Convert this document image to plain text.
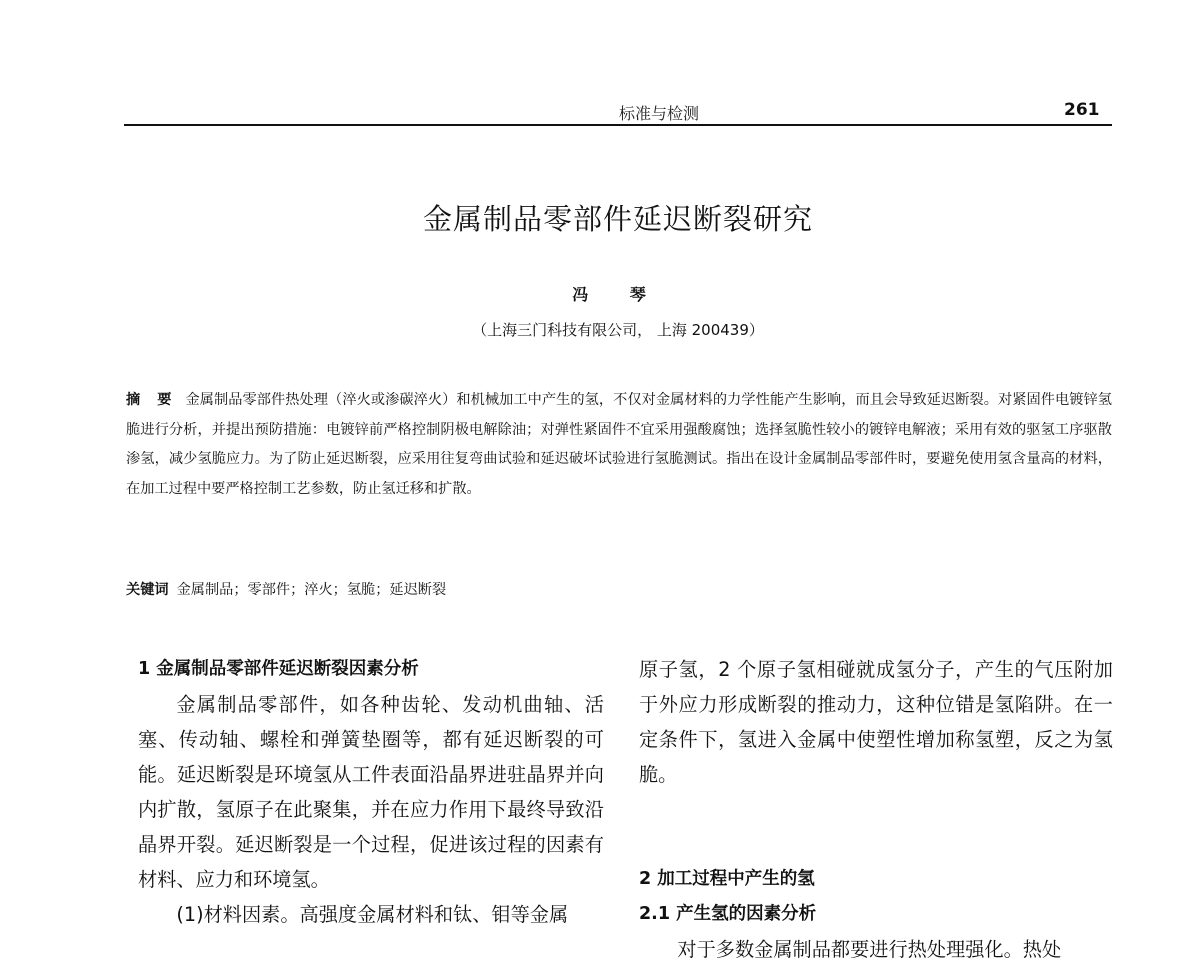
标准与检测	261
金属制品零部件延迟断裂研究
冯 琴
（上海三门科技有限公司， 上海 200439）
摘 要 金属制品零部件热处理（淬火或渗碳淬火）和机械加工中产生的氢，不仅对金属材料的力学性能产生影响，而且会导致延迟断裂。对紧固件电镀锌氢脆进行分析，并提出预防措施：电镀锌前严格控制阴极电解除油；对弹性紧固件不宜采用强酸腐蚀；选择氢脆性较小的镀锌电解液；采用有效的驱氢工序驱散渗氢，减少氢脆应力。为了防止延迟断裂，应采用往复弯曲试验和延迟破坏试验进行氢脆测试。指出在设计金属制品零部件时，要避免使用氢含量高的材料，在加工过程中要严格控制工艺参数，防止氢迁移和扩散。
关键词 金属制品；零部件；淬火；氢脆；延迟断裂
1 金属制品零部件延迟断裂因素分析
金属制品零部件，如各种齿轮、发动机曲轴、活塞、传动轴、螺栓和弹簧垫圈等，都有延迟断裂的可能。延迟断裂是环境氢从工件表面沿晶界进驻晶界并向内扩散，氢原子在此聚集，并在应力作用下最终导致沿晶界开裂。延迟断裂是一个过程，促进该过程的因素有材料、应力和环境氢。
(1)材料因素。高强度金属材料和钛、钼等金属
原子氢，2 个原子氢相碰就成氢分子，产生的气压附加于外应力形成断裂的推动力，这种位错是氢陷阱。在一定条件下，氢进入金属中使塑性增加称氢塑，反之为氢脆。
2 加工过程中产生的氢
2.1 产生氢的因素分析
对于多数金属制品都要进行热处理强化。热处
